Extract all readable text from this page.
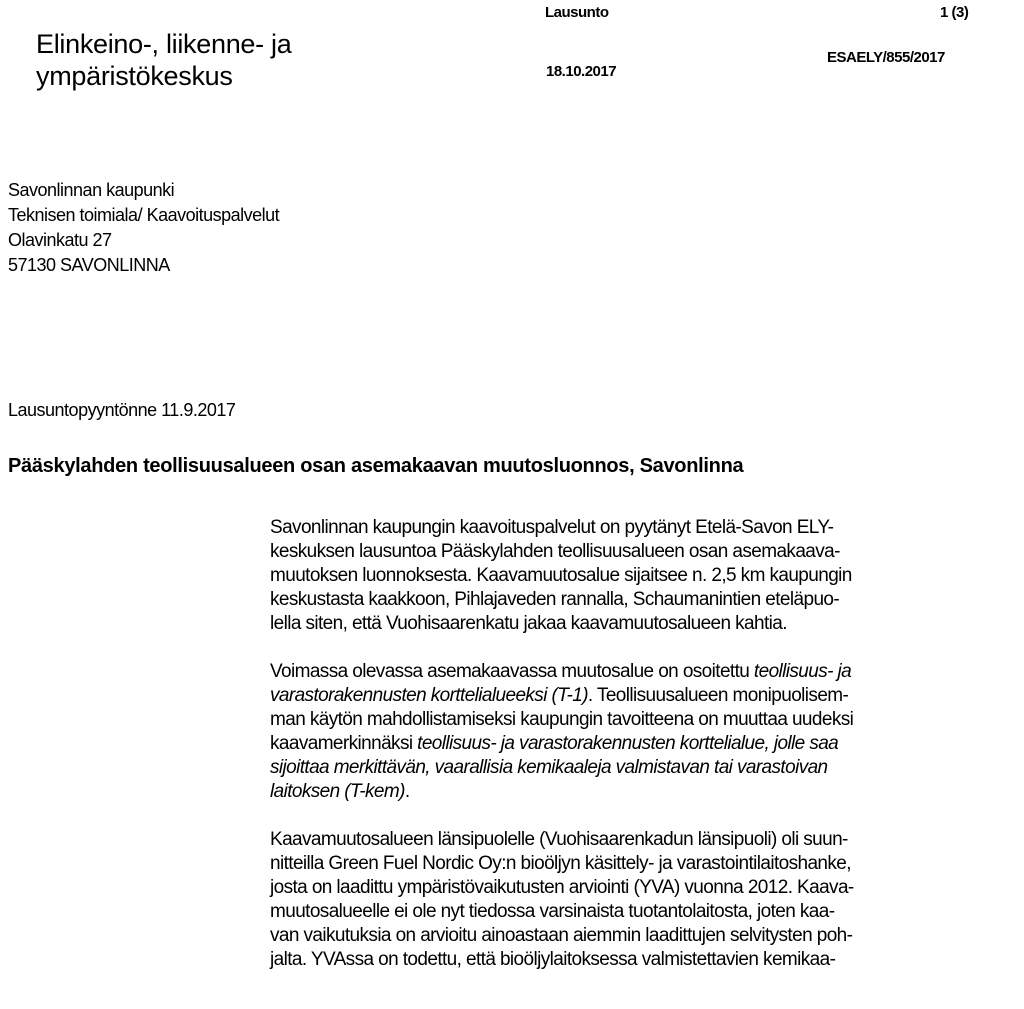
Elinkeino-, liikenne- ja
ympäristökeskus
Lausunto	1 (3)
18.10.2017
ESAELY/855/2017
Savonlinnan kaupunki
Teknisen toimiala/ Kaavoituspalvelut
Olavinkatu 27
57130 SAVONLINNA
Lausuntopyyntönne 11.9.2017
Pääskylahden teollisuusalueen osan asemakaavan muutosluonnos, Savonlinna
Savonlinnan kaupungin kaavoituspalvelut on pyytänyt Etelä-Savon ELY-
keskuksen lausuntoa Pääskylahden teollisuusalueen osan asemakaava-
muutoksen luonnoksesta. Kaavamuutosalue sijaitsee n. 2,5 km kaupungin
keskustasta kaakkoon, Pihlajaveden rannalla, Schaumanintien eteläpuo-
lella siten, että Vuohisaarenkatu jakaa kaavamuutosalueen kahtia.
Voimassa olevassa asemakaavassa muutosalue on osoitettu teollisuus- ja
varastorakennusten korttelialueeksi (T-1). Teollisuusalueen monipuolisem-
man käytön mahdollistamiseksi kaupungin tavoitteena on muuttaa uudeksi
kaavamerkinnäksi teollisuus- ja varastorakennusten korttelialue, jolle saa
sijoittaa merkittävän, vaarallisia kemikaaleja valmistavan tai varastoivan
laitoksen (T-kem).
Kaavamuutosalueen länsipuolelle (Vuohisaarenkadun länsipuoli) oli suun-
nitteilla Green Fuel Nordic Oy:n bioöljyn käsittely- ja varastointilaitoshanke,
josta on laadittu ympäristövaikutusten arviointi (YVA) vuonna 2012. Kaava-
muutosalueelle ei ole nyt tiedossa varsinaista tuotantolaitosta, joten kaa-
van vaikutuksia on arvioitu ainoastaan aiemmin laadittujen selvitysten poh-
jalta. YVAssa on todettu, että bioöljylaitoksessa valmistettavien kemikaa-
